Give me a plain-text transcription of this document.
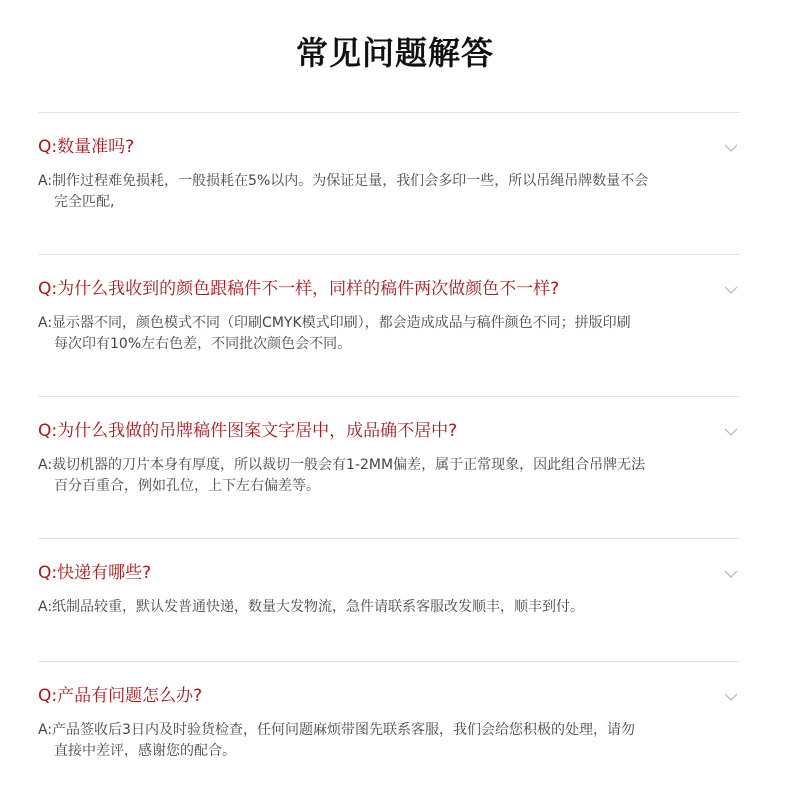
常见问题解答
Q:数量准吗?
A:制作过程难免损耗，一般损耗在5%以内。为保证足量，我们会多印一些，所以吊绳吊牌数量不会
完全匹配,
Q:为什么我收到的颜色跟稿件不一样，同样的稿件两次做颜色不一样?
A:显示器不同，颜色模式不同（印刷CMYK模式印刷），都会造成成品与稿件颜色不同；拼版印刷
每次印有10%左右色差，不同批次颜色会不同。
Q:为什么我做的吊牌稿件图案文字居中，成品确不居中?
A:裁切机器的刀片本身有厚度，所以裁切一般会有1-2MM偏差，属于正常现象，因此组合吊牌无法
百分百重合，例如孔位，上下左右偏差等。
Q:快递有哪些?
A:纸制品较重，默认发普通快递，数量大发物流，急件请联系客服改发顺丰，顺丰到付。
Q:产品有问题怎么办?
A:产品签收后3日内及时验货检查，任何问题麻烦带图先联系客服，我们会给您积极的处理，请勿
直接中差评，感谢您的配合。
